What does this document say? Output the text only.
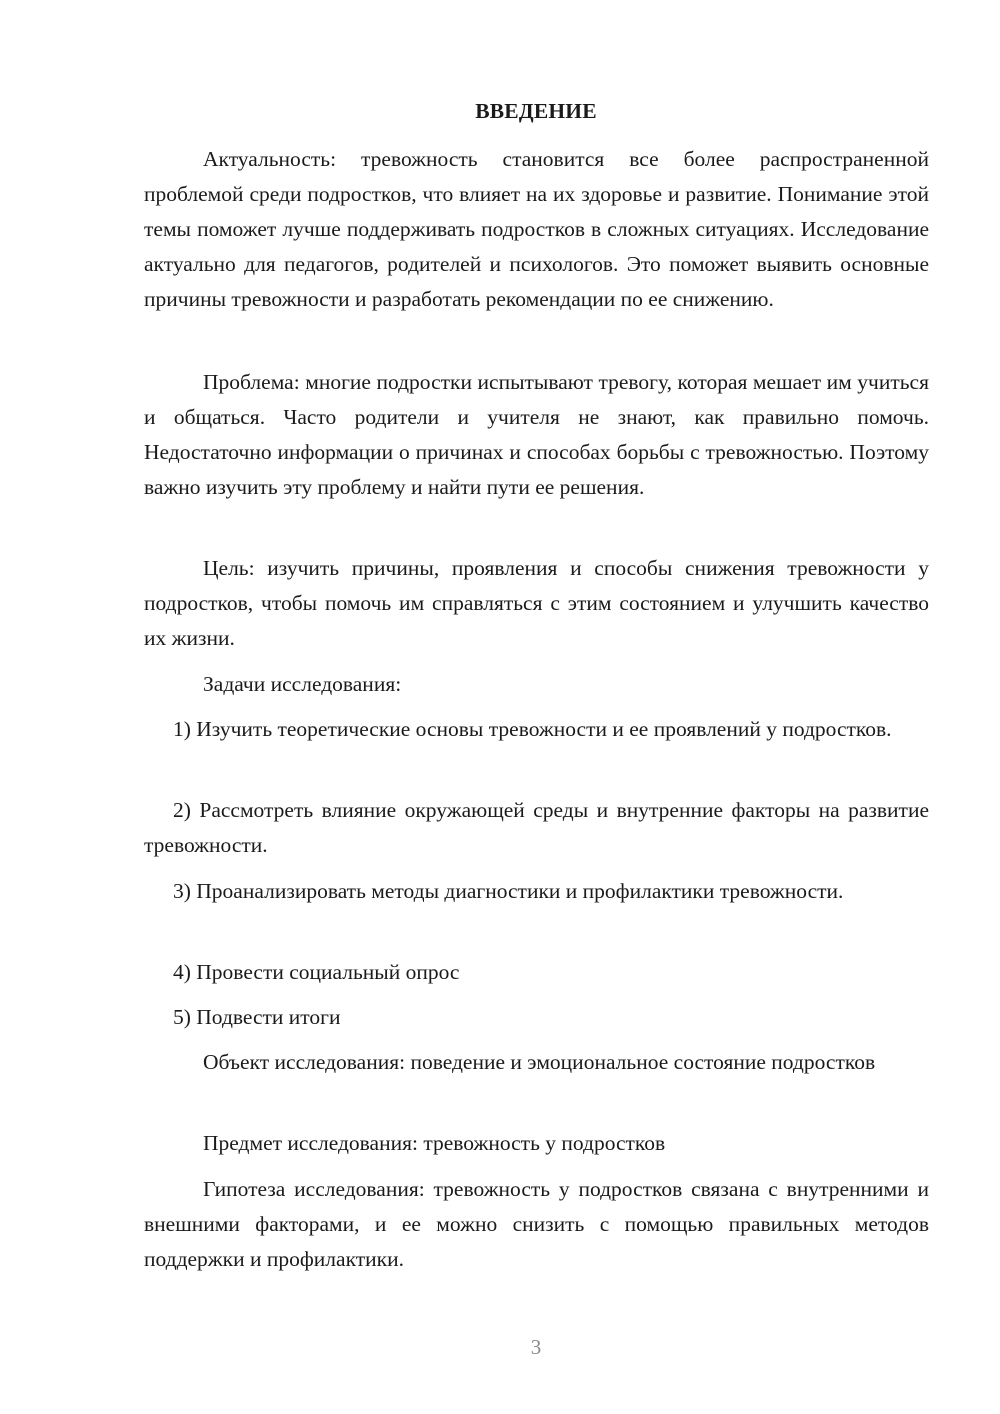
ВВЕДЕНИЕ

Актуальность: тревожность становится все более распространенной проблемой среди подростков, что влияет на их здоровье и развитие. Понимание этой темы поможет лучше поддерживать подростков в сложных ситуациях. Исследование актуально для педагогов, родителей и психологов. Это поможет выявить основные причины тревожности и разработать рекомендации по ее снижению.

Проблема: многие подростки испытывают тревогу, которая мешает им учиться и общаться. Часто родители и учителя не знают, как правильно помочь. Недостаточно информации о причинах и способах борьбы с тревожностью. Поэтому важно изучить эту проблему и найти пути ее решения.

Цель: изучить причины, проявления и способы снижения тревожности у подростков, чтобы помочь им справляться с этим состоянием и улучшить качество их жизни.

Задачи исследования:

1) Изучить теоретические основы тревожности и ее проявлений у подростков.

2) Рассмотреть влияние окружающей среды и внутренние факторы на развитие тревожности.

3) Проанализировать методы диагностики и профилактики тревожности.

4) Провести социальный опрос

5) Подвести итоги

Объект исследования: поведение и эмоциональное состояние подростков

Предмет исследования: тревожность у подростков

Гипотеза исследования: тревожность у подростков связана с внутренними и внешними факторами, и ее можно снизить с помощью правильных методов поддержки и профилактики.

3
